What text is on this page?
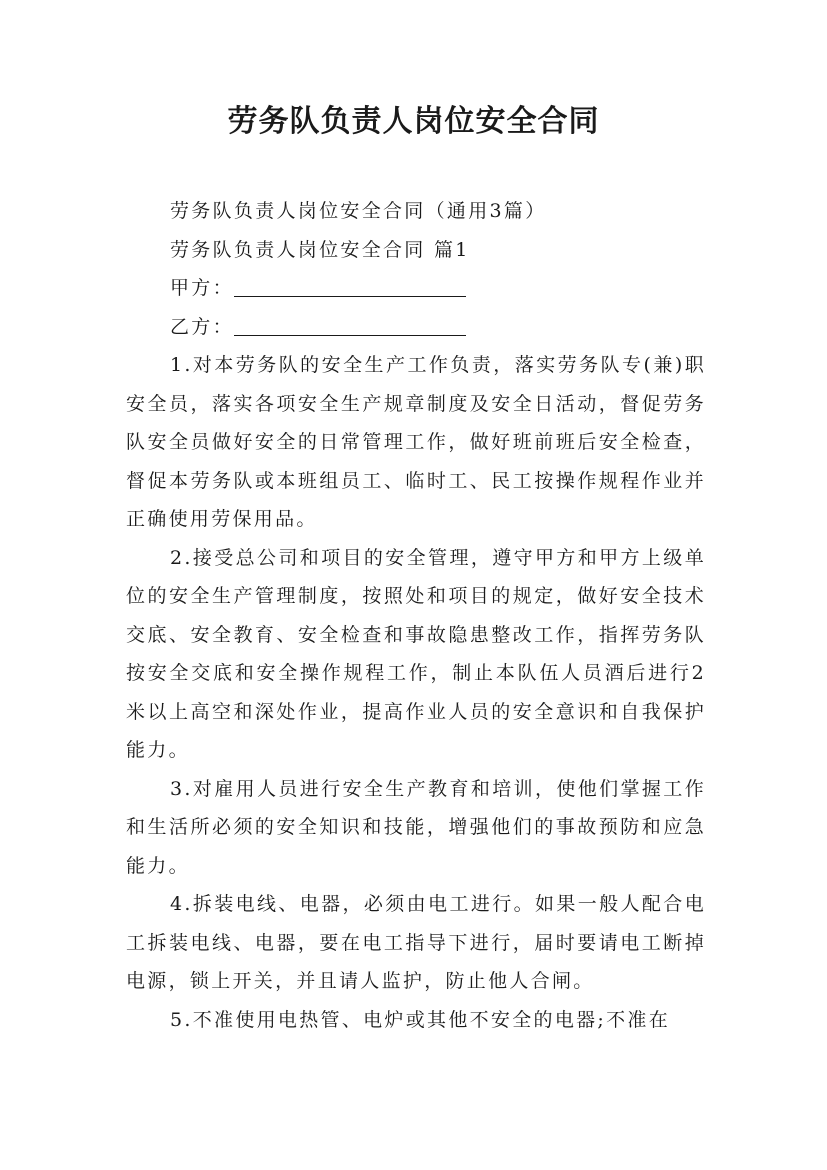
劳务队负责人岗位安全合同

劳务队负责人岗位安全合同（通用3篇）

劳务队负责人岗位安全合同 篇1

甲方：

乙方：

1.对本劳务队的安全生产工作负责，落实劳务队专(兼)职安全员，落实各项安全生产规章制度及安全日活动，督促劳务队安全员做好安全的日常管理工作，做好班前班后安全检查，督促本劳务队或本班组员工、临时工、民工按操作规程作业并正确使用劳保用品。

2.接受总公司和项目的安全管理，遵守甲方和甲方上级单位的安全生产管理制度，按照处和项目的规定，做好安全技术交底、安全教育、安全检查和事故隐患整改工作，指挥劳务队按安全交底和安全操作规程工作，制止本队伍人员酒后进行2米以上高空和深处作业，提高作业人员的安全意识和自我保护能力。

3.对雇用人员进行安全生产教育和培训，使他们掌握工作和生活所必须的安全知识和技能，增强他们的事故预防和应急能力。

4.拆装电线、电器，必须由电工进行。如果一般人配合电工拆装电线、电器，要在电工指导下进行，届时要请电工断掉电源，锁上开关，并且请人监护，防止他人合闸。

5.不准使用电热管、电炉或其他不安全的电器;不准在
